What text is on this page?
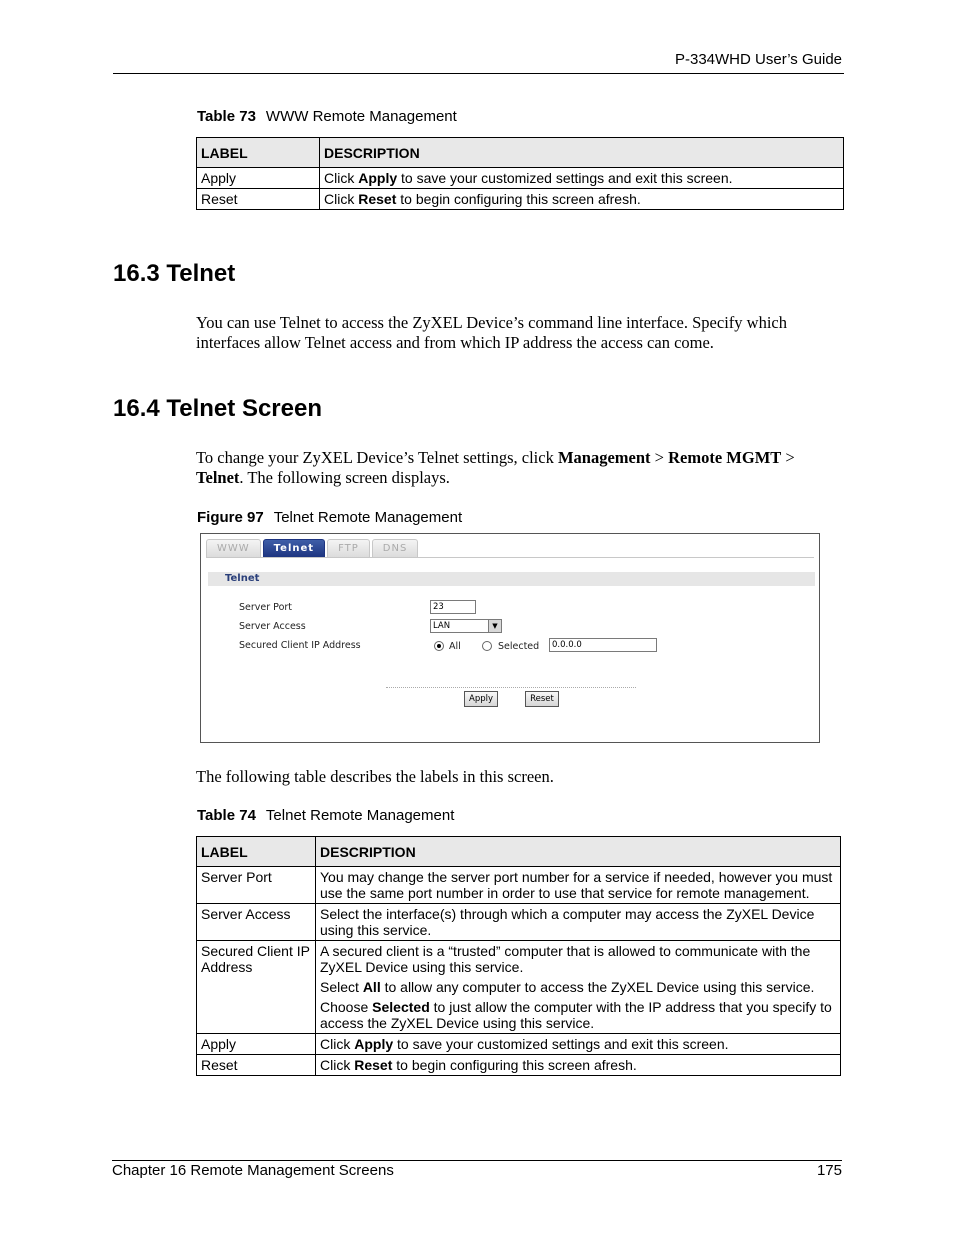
P-334WHD User’s Guide
Table 73 WWW Remote Management
LABEL	DESCRIPTION
Apply	Click Apply to save your customized settings and exit this screen.
Reset	Click Reset to begin configuring this screen afresh.
16.3 Telnet
You can use Telnet to access the ZyXEL Device’s command line interface. Specify which interfaces allow Telnet access and from which IP address the access can come.
16.4 Telnet Screen
To change your ZyXEL Device’s Telnet settings, click Management > Remote MGMT > Telnet. The following screen displays.
Figure 97 Telnet Remote Management
WWW	Telnet	FTP	DNS
Telnet
Server Port	23
Server Access	LAN	▼
Secured Client IP Address	All	Selected	0.0.0.0
Apply	Reset
The following table describes the labels in this screen.
Table 74 Telnet Remote Management
LABEL	DESCRIPTION
Server Port	You may change the server port number for a service if needed, however you must use the same port number in order to use that service for remote management.
Server Access	Select the interface(s) through which a computer may access the ZyXEL Device using this service.
Secured Client IP Address	A secured client is a “trusted” computer that is allowed to communicate with the ZyXEL Device using this service.
Select All to allow any computer to access the ZyXEL Device using this service.
Choose Selected to just allow the computer with the IP address that you specify to access the ZyXEL Device using this service.

Apply	Click Apply to save your customized settings and exit this screen.
Reset	Click Reset to begin configuring this screen afresh.
Chapter 16 Remote Management Screens	175
